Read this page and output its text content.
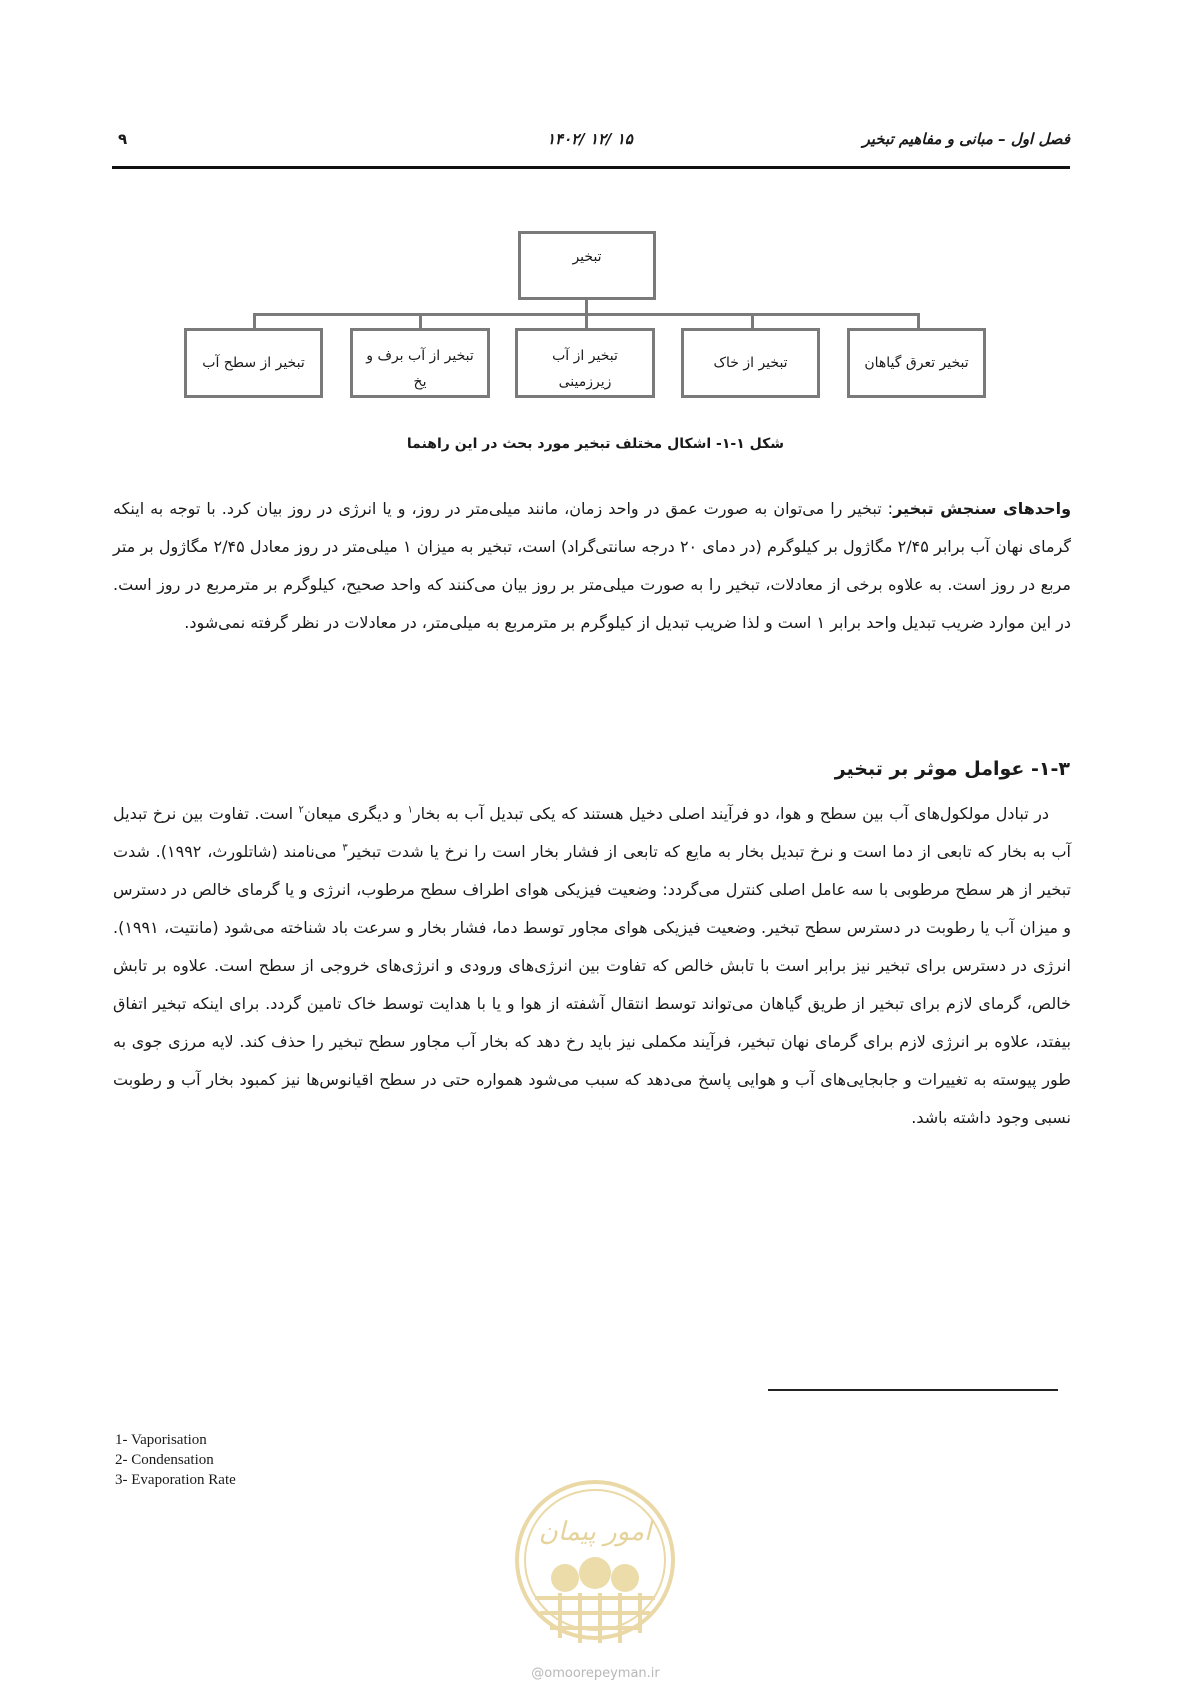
فصل اول – مبانی و مفاهیم تبخیر
۱۴۰۲/ ۱۲/ ۱۵
۹
تبخیر
تبخیر تعرق گیاهان
تبخیر از خاک
تبخیر از آب زیرزمینی
تبخیر از آب برف و یخ
تبخیر از سطح آب
شکل ۱-۱- اشکال مختلف تبخیر مورد بحث در این راهنما
واحدهای سنجش تبخیر: تبخیر را می‌توان به صورت عمق در واحد زمان، مانند میلی‌متر در روز، و یا انرژی در روز بیان کرد. با توجه به اینکه گرمای نهان آب برابر ۲/۴۵ مگاژول بر کیلوگرم (در دمای ۲۰ درجه سانتی‌گراد) است، تبخیر به میزان ۱ میلی‌متر در روز معادل ۲/۴۵ مگاژول بر متر مربع در روز است. به علاوه برخی از معادلات، تبخیر را به صورت میلی‌متر بر روز بیان می‌کنند که واحد صحیح، کیلوگرم بر مترمربع در روز است. در این موارد ضریب تبدیل واحد برابر ۱ است و لذا ضریب تبدیل از کیلوگرم بر مترمربع به میلی‌متر، در معادلات در نظر گرفته نمی‌شود.
۱-۳- عوامل موثر بر تبخیر
در تبادل مولکول‌های آب بین سطح و هوا، دو فرآیند اصلی دخیل هستند که یکی تبدیل آب به بخار$^۱$ و دیگری میعان$^۲$ است. تفاوت بین نرخ تبدیل آب به بخار که تابعی از دما است و نرخ تبدیل بخار به مایع که تابعی از فشار بخار است را نرخ یا شدت تبخیر$^۳$ می‌نامند (شاتلورث، ۱۹۹۲). شدت تبخیر از هر سطح مرطوبی با سه عامل اصلی کنترل می‌گردد: وضعیت فیزیکی هوای اطراف سطح مرطوب، انرژی و یا گرمای خالص در دسترس و میزان آب یا رطوبت در دسترس سطح تبخیر. وضعیت فیزیکی هوای مجاور توسط دما، فشار بخار و سرعت باد شناخته می‌شود (مانتیت، ۱۹۹۱). انرژی در دسترس برای تبخیر نیز برابر است با تابش خالص که تفاوت بین انرژی‌های ورودی و انرژی‌های خروجی از سطح است. علاوه بر تابش خالص، گرمای لازم برای تبخیر از طریق گیاهان می‌تواند توسط انتقال آشفته از هوا و یا با هدایت توسط خاک تامین گردد. برای اینکه تبخیر اتفاق بیفتد، علاوه بر انرژی لازم برای گرمای نهان تبخیر، فرآیند مکملی نیز باید رخ دهد که بخار آب مجاور سطح تبخیر را حذف کند. لایه مرزی جوی به طور پیوسته به تغییرات و جابجایی‌های آب و هوایی پاسخ می‌دهد که سبب می‌شود همواره حتی در سطح اقیانوس‌ها نیز کمبود بخار آب و رطوبت نسبی وجود داشته باشد.
1- Vaporisation
2- Condensation
3- Evaporation Rate
امور پیمان
@omoorepeyman.ir
